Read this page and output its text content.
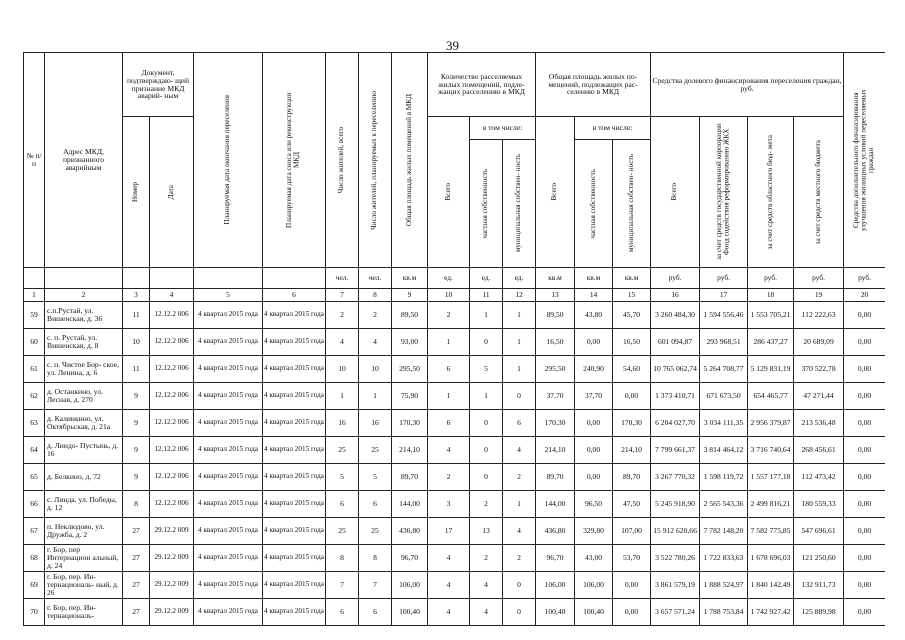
39
№ п/ п	Адрес МКД, признанного аварийным	Документ, подтверждаю- щий признание МКД аварий- ным		Планируемая дата окончания переселения	Планируемая дата сноса или реконструкции МКД	Число жителей, всего	Число жителей, планируемых к переселению	Общая площадь жилых помещений в МКД	Количество расселяемых жилых помещений, подле- жащих расселению в МКД			Общая площадь жилых по- мещений, подлежащих рас- селению в МКД			Средства долевого финансирования переселения граждан, руб.				Средства дополнительного финансирования улучшения жилищных условий переселяемых граждан

		Номер	Дата						Всего	в том числе:		Всего	в том числе:		Всего	за счет средств государственной корпорации Фонд содействия реформированию ЖКХ	за счет средств областного бюд- жета	за счет средств местного бюджета	

										частная собственность	муниципальная собствен- ность		частная собственность	муниципальная собствен- ность					

						чел.	чел.	кв.м	ед.	ед.	ед.	кв.м	кв.м	кв.м	руб.	руб.	руб.	руб.	руб.
1	2	3	4	5	6	7	8	9	10	11	12	13	14	15	16	17	18	19	20
59	с.п.Рустай, ул. Вишенская, д. 36	11	12.12.2 006	4 квартал 2015 года	4 квартал 2015 года	2	2	89,50	2	1	1	89,50	43,80	45,70	3 260 484,30	1 594 556,46	1 553 705,21	112 222,63	0,00
60	с. п. Рустай, ул. Вишенская, д. 8	10	12.12.2 006	4 квартал 2015 года	4 квартал 2015 года	4	4	93,00	1	0	1	16,50	0,00	16,50	601 094,87	293 968,51	286 437,27	20 689,09	0,00
61	с. п. Чистое Бор- ское, ул. Ленина, д. 6	11	12.12.2 006	4 квартал 2015 года	4 квартал 2015 года	10	10	295,50	6	5	1	295,50	240,90	54,60	10 765 062,74	5 264 708,77	5 129 831,19	370 522,78	0,00
62	д. Останкино, ул. Лесная, д. 270	9	12.12.2 006	4 квартал 2015 года	4 квартал 2015 года	1	1	75,90	1	1	0	37,70	37,70	0,00	1 373 410,71	671 673,50	654 465,77	47 271,44	0,00
63	д. Калинкино, ул. Октябрьская, д. 21а	9	12.12.2 006	4 квартал 2015 года	4 квартал 2015 года	16	16	170,30	6	0	6	170,30	0,00	170,30	6 204 027,70	3 034 111,35	2 956 379,87	213 536,48	0,00
64	д. Линдо- Пустынь, д. 16	9	12.12.2 006	4 квартал 2015 года	4 квартал 2015 года	25	25	214,10	4	0	4	214,10	0,00	214,10	7 799 661,37	3 814 464,12	3 716 740,64	268 456,61	0,00
65	д. Белкино, д. 72	9	12.12.2 006	4 квартал 2015 года	4 квартал 2015 года	5	5	89,70	2	0	2	89,70	0,00	89,70	3 267 770,32	1 598 119,72	1 557 177,18	112 473,42	0,00
66	с. Линда, ул. Победы, д. 12	8	12.12.2 006	4 квартал 2015 года	4 квартал 2015 года	6	6	144,00	3	2	1	144,00	96,50	47,50	5 245 918,90	2 565 543,36	2 499 816,21	180 559,33	0,00
67	п. Неклюдово, ул. Дружба, д. 2	27	29.12.2 009	4 квартал 2015 года	4 квартал 2015 года	25	25	436,80	17	13	4	436,80	329,80	107,00	15 912 620,66	7 782 148,20	7 582 775,85	547 696,61	0,00
68	г. Бор, пер Интернацион альный, д. 24	27	29.12.2 009	4 квартал 2015 года	4 квартал 2015 года	8	8	96,70	4	2	2	96,70	43,00	53,70	3 522 780,26	1 722 833,63	1 678 696,03	121 250,60	0,00
69	г. Бор, пер. Ин- тернациональ- ный, д. 26	27	29.12.2 009	4 квартал 2015 года	4 квартал 2015 года	7	7	106,00	4	4	0	106,00	106,00	0,00	3 861 579,19	1 888 524,97	1 840 142,49	132 911,73	0,00
70	г. Бор, пер. Ин- тернациональ-	27	29.12.2 009	4 квартал 2015 года	4 квартал 2015 года	6	6	100,40	4	4	0	100,40	100,40	0,00	3 657 571,24	1 788 753,84	1 742 927,42	125 889,98	0,00
